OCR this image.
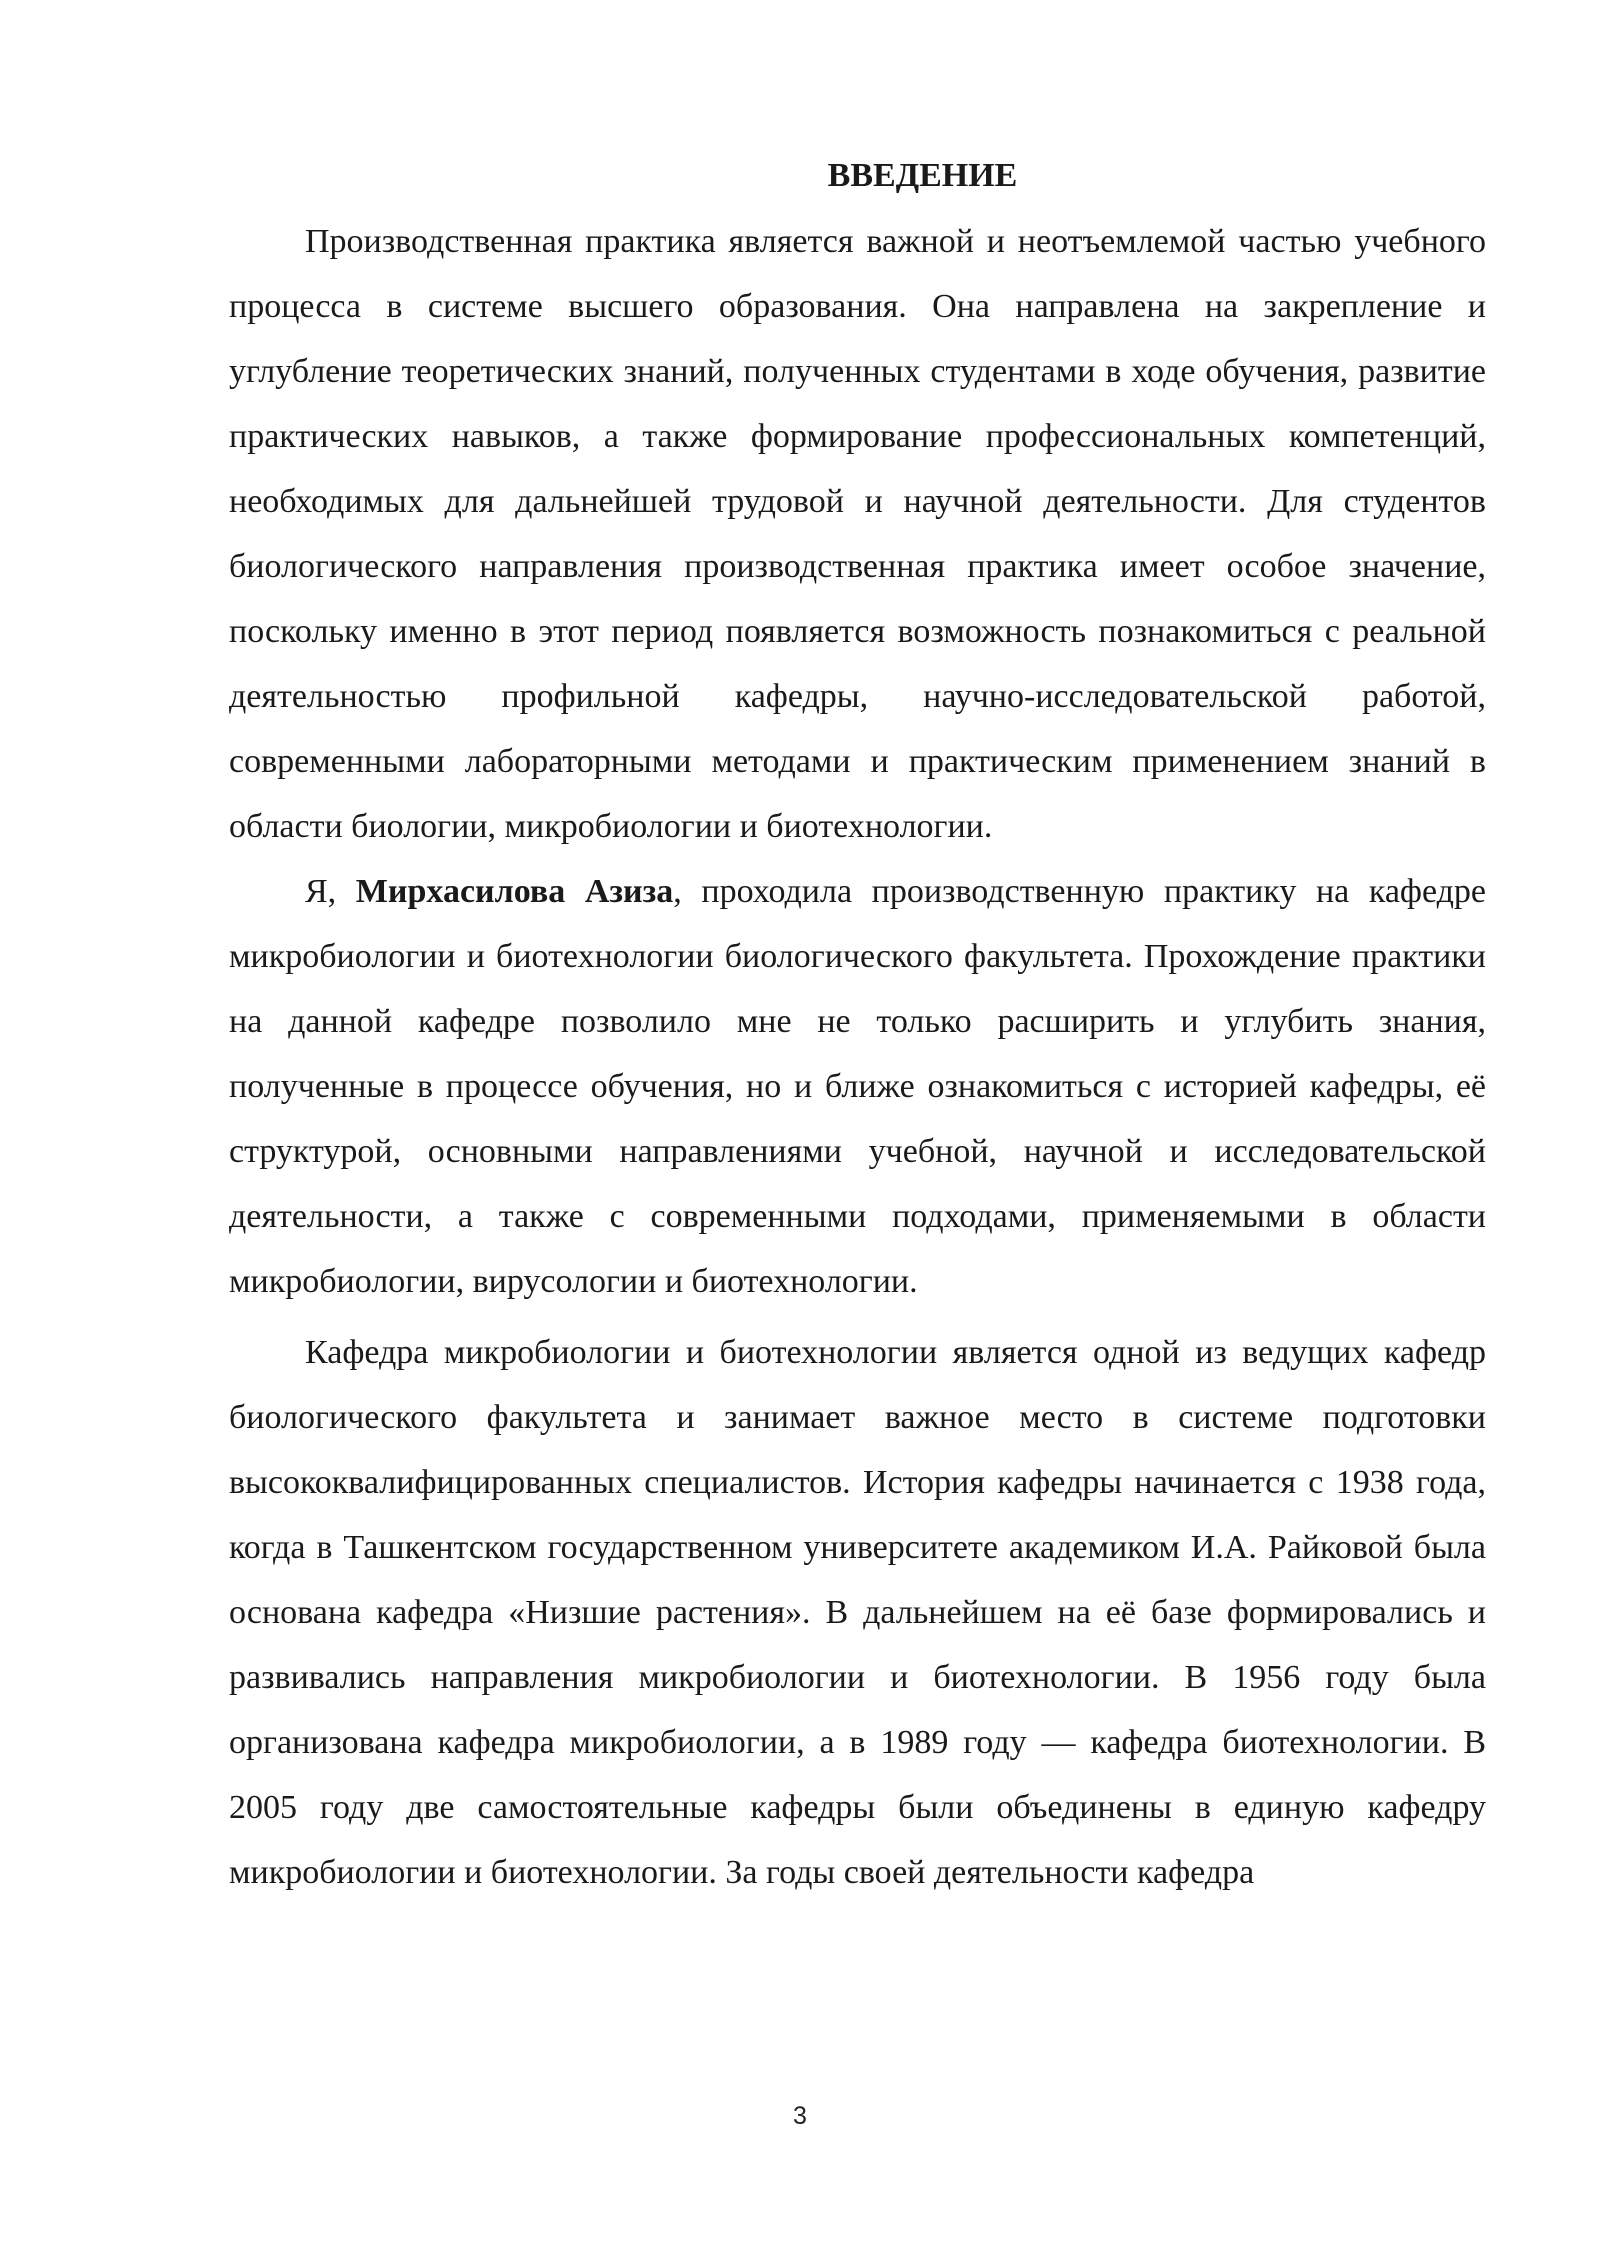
ВВЕДЕНИЕ

Производственная практика является важной и неотъемлемой частью учебного процесса в системе высшего образования. Она направлена на закрепление и углубление теоретических знаний, полученных студентами в ходе обучения, развитие практических навыков, а также формирование профессиональных компетенций, необходимых для дальнейшей трудовой и научной деятельности. Для студентов биологического направления производственная практика имеет особое значение, поскольку именно в этот период появляется возможность познакомиться с реальной деятельностью профильной кафедры, научно-исследовательской работой, современными лабораторными методами и практическим применением знаний в области биологии, микробиологии и биотехнологии.

Я, Мирхасилова Азиза, проходила производственную практику на кафедре микробиологии и биотехнологии биологического факультета. Прохождение практики на данной кафедре позволило мне не только расширить и углубить знания, полученные в процессе обучения, но и ближе ознакомиться с историей кафедры, её структурой, основными направлениями учебной, научной и исследовательской деятельности, а также с современными подходами, применяемыми в области микробиологии, вирусологии и биотехнологии.

Кафедра микробиологии и биотехнологии является одной из ведущих кафедр биологического факультета и занимает важное место в системе подготовки высококвалифицированных специалистов. История кафедры начинается с 1938 года, когда в Ташкентском государственном университете академиком И.А. Райковой была основана кафедра «Низшие растения». В дальнейшем на её базе формировались и развивались направления микробиологии и биотехнологии. В 1956 году была организована кафедра микробиологии, а в 1989 году — кафедра биотехнологии. В 2005 году две самостоятельные кафедры были объединены в единую кафедру микробиологии и биотехнологии. За годы своей деятельности кафедра

3
